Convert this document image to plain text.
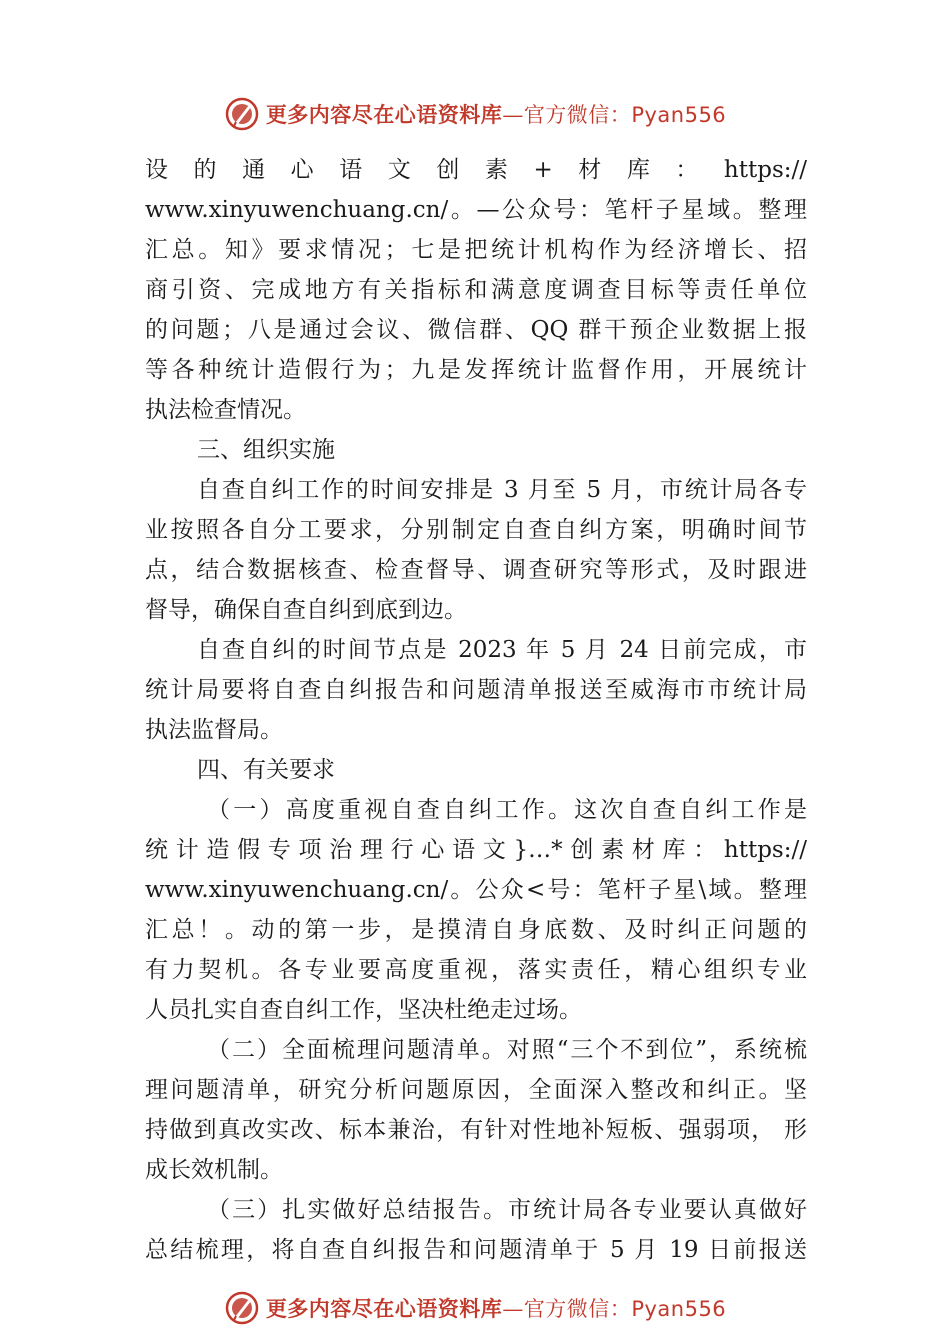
更多内容尽在心语资料库—官方微信：Pyan556
设的通心语文创素+材库：https://
www.xinyuwenchuang.cn/。—公众号：笔杆子星域。整理
汇总。知》要求情况；七是把统计机构作为经济增长、招
商引资、完成地方有关指标和满意度调查目标等责任单位
的问题；八是通过会议、微信群、QQ 群干预企业数据上报
等各种统计造假行为；九是发挥统计监督作用，开展统计
执法检查情况。
三、组织实施
自查自纠工作的时间安排是 3 月至 5 月，市统计局各专
业按照各自分工要求，分别制定自查自纠方案，明确时间节
点，结合数据核查、检查督导、调查研究等形式，及时跟进
督导，确保自查自纠到底到边。
自查自纠的时间节点是 2023 年 5 月 24 日前完成，市
统计局要将自查自纠报告和问题清单报送至威海市市统计局
执法监督局。
四、有关要求
（一）高度重视自查自纠工作。这次自查自纠工作是
统计造假专项治理行心语文}…*创素材库：https://
www.xinyuwenchuang.cn/。公众<号：笔杆子星\域。整理
汇总！。动的第一步，是摸清自身底数、及时纠正问题的
有力契机。各专业要高度重视，落实责任，精心组织专业
人员扎实自查自纠工作，坚决杜绝走过场。
（二）全面梳理问题清单。对照“三个不到位”，系统梳
理问题清单，研究分析问题原因，全面深入整改和纠正。坚
持做到真改实改、标本兼治，有针对性地补短板、强弱项， 形
成长效机制。
（三）扎实做好总结报告。市统计局各专业要认真做好
总结梳理，将自查自纠报告和问题清单于 5 月 19 日前报送
更多内容尽在心语资料库—官方微信：Pyan556
